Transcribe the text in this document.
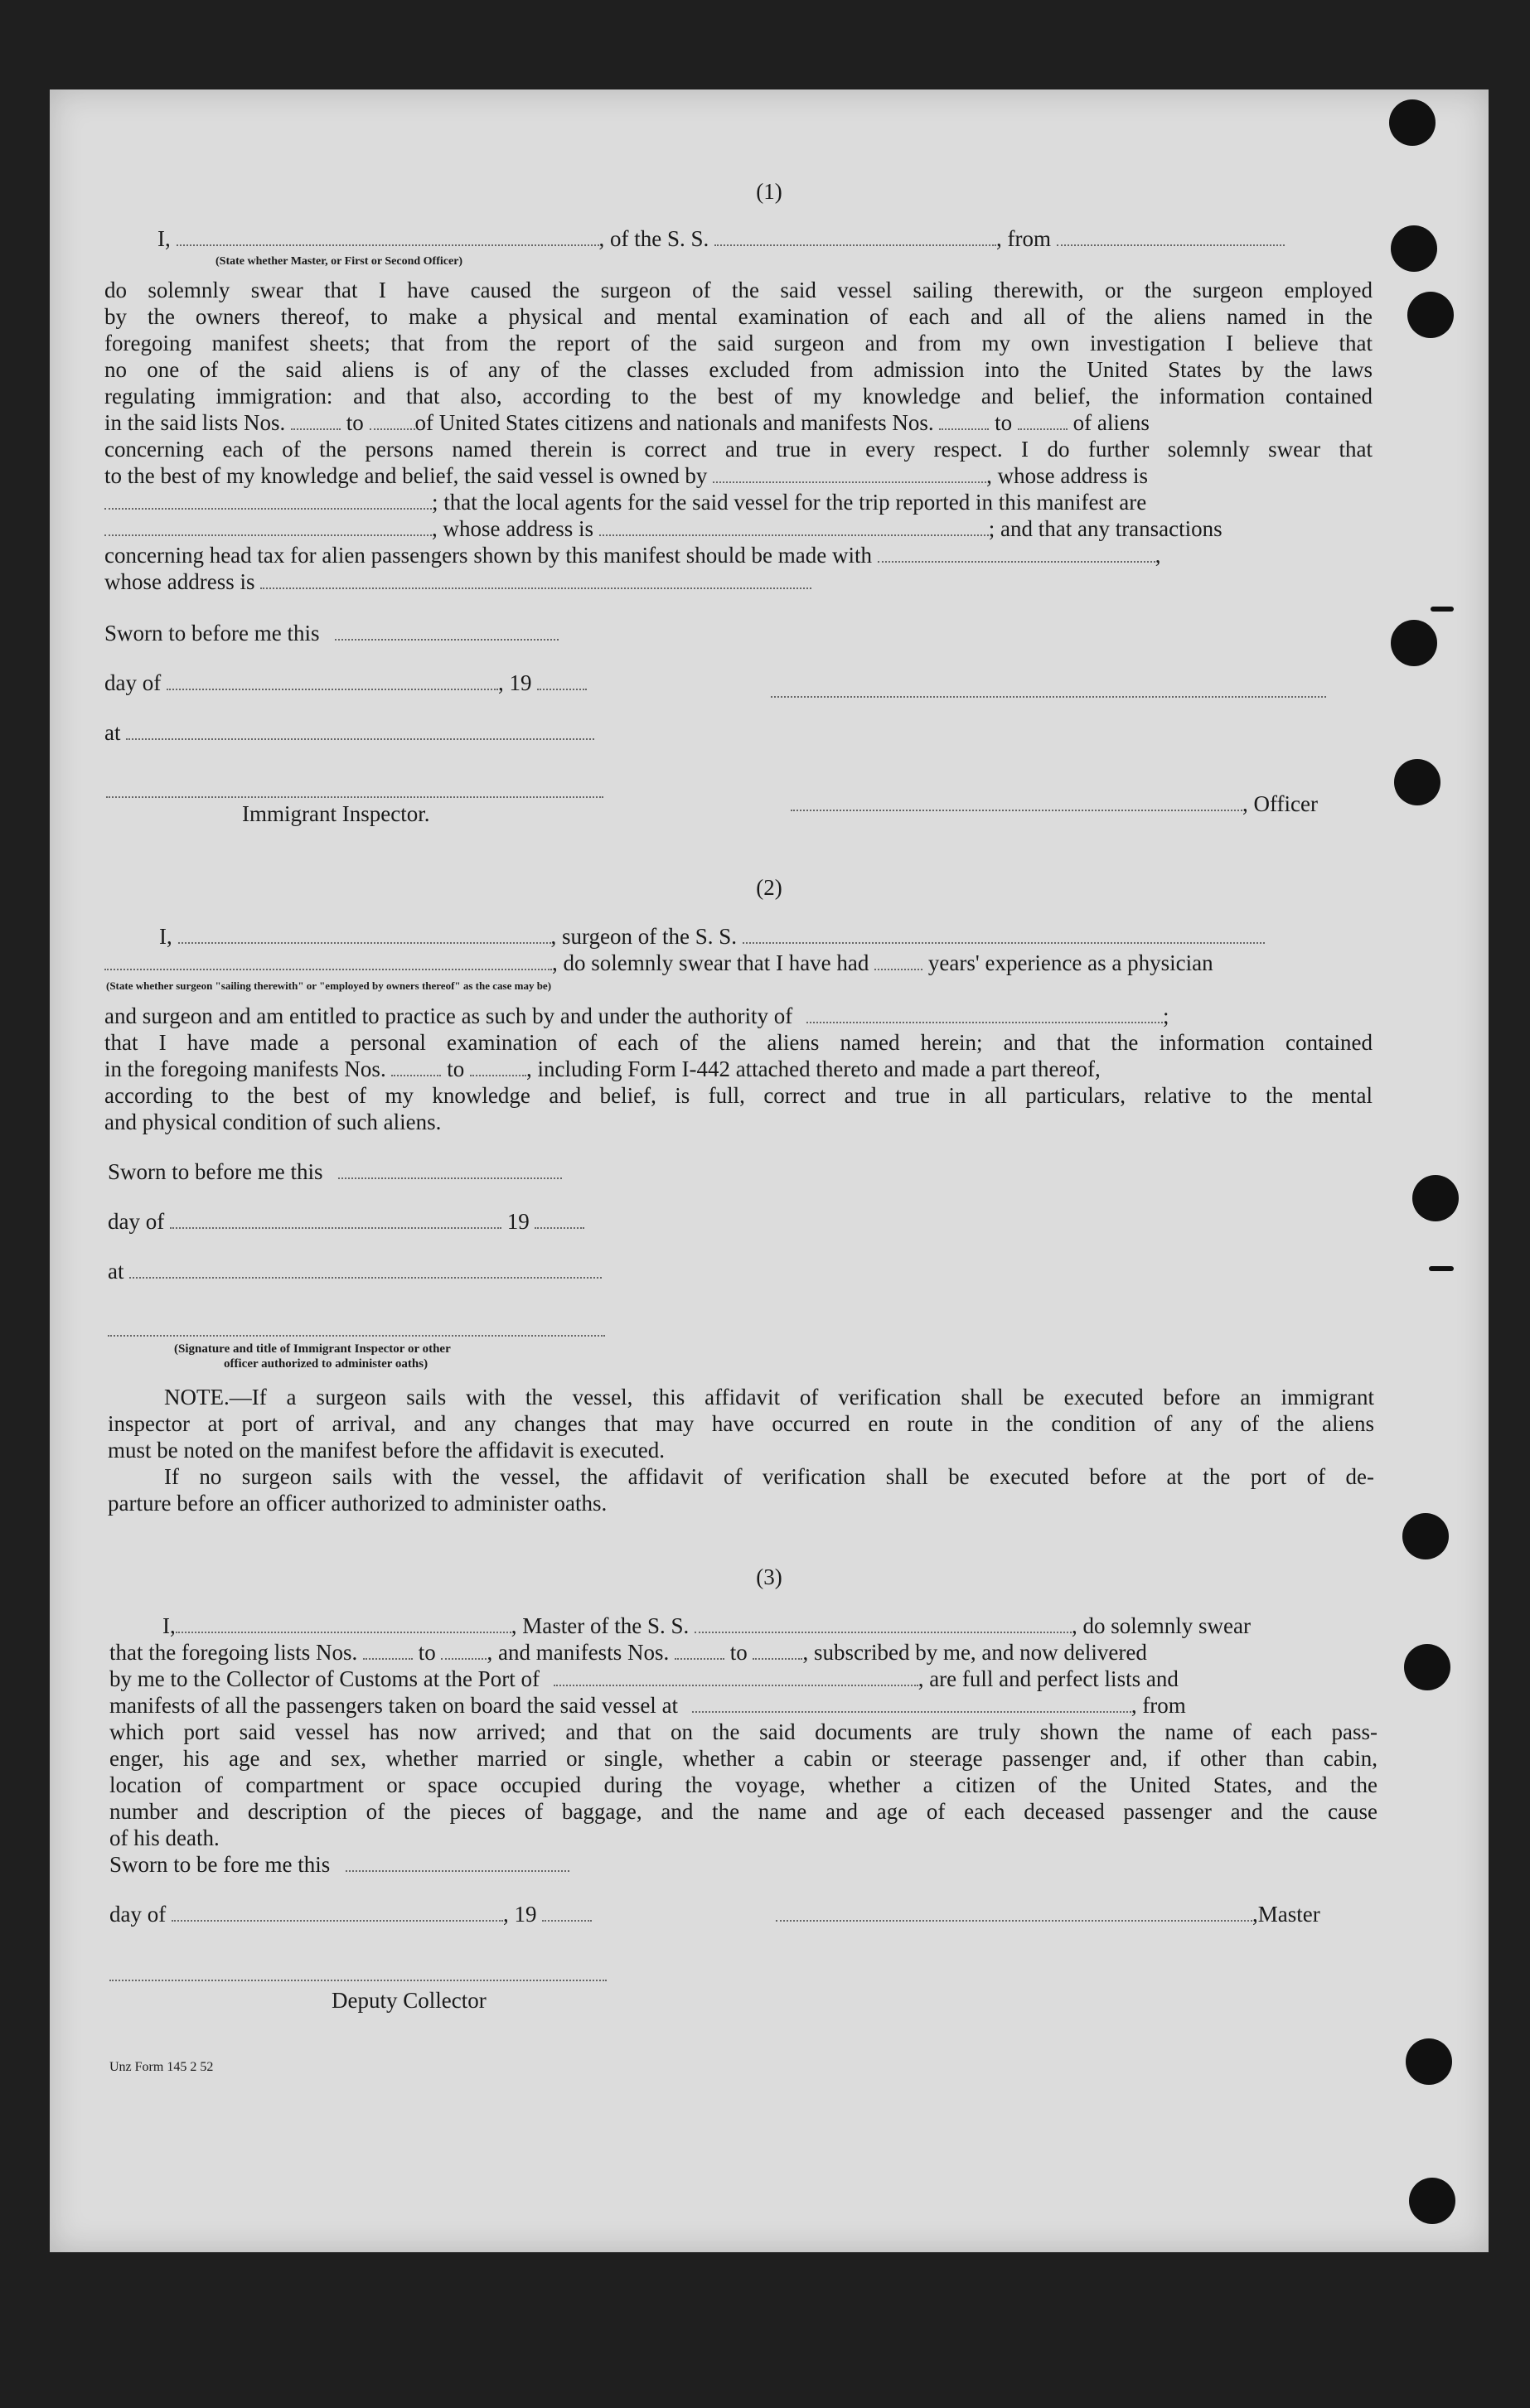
(1)
I,	, of the S. S.	, from
(State whether Master, or First or Second Officer)
do solemnly swear that I have caused the surgeon of the said vessel sailing therewith, or the surgeon employed
by the owners thereof, to make a physical and mental examination of each and all of the aliens named in the
foregoing manifest sheets; that from the report of the said surgeon and from my own investigation I believe that
no one of the said aliens is of any of the classes excluded from admission into the United States by the laws
regulating immigration: and that also, according to the best of my knowledge and belief, the information contained
in the said lists Nos.	to of United States citizens and nationals and manifests Nos.	to	of aliens
concerning each of the persons named therein is correct and true in every respect. I do further solemnly swear that
to the best of my knowledge and belief, the said vessel is owned by	, whose address is
; that the local agents for the said vessel for the trip reported in this manifest are
, whose address is	; and that any transactions
concerning head tax for alien passengers shown by this manifest should be made with	,
whose address is
Sworn to before me this
day of	, 19
at
Immigrant Inspector.	, Officer
(2)
I,	, surgeon of the S. S.
, do solemnly swear that I have had	years' experience as a physician
(State whether surgeon "sailing therewith" or "employed by owners thereof" as the case may be)
and surgeon and am entitled to practice as such by and under the authority of	;
that I have made a personal examination of each of the aliens named herein; and that the information contained
in the foregoing manifests Nos.	to	, including Form I-442 attached thereto and made a part thereof,
according to the best of my knowledge and belief, is full, correct and true in all particulars, relative to the mental
and physical condition of such aliens.
Sworn to before me this
day of	19
at
(Signature and title of Immigrant Inspector or other
officer authorized to administer oaths)
NOTE.—If a surgeon sails with the vessel, this affidavit of verification shall be executed before an immigrant
inspector at port of arrival, and any changes that may have occurred en route in the condition of any of the aliens
must be noted on the manifest before the affidavit is executed.
If no surgeon sails with the vessel, the affidavit of verification shall be executed before at the port of de-
parture before an officer authorized to administer oaths.
(3)
I,	, Master of the S. S.	, do solemnly swear
that the foregoing lists Nos.	to , and manifests Nos.	to , subscribed by me, and now delivered
by me to the Collector of Customs at the Port of	, are full and perfect lists and
manifests of all the passengers taken on board the said vessel at	, from
which port said vessel has now arrived; and that on the said documents are truly shown the name of each pass-
enger, his age and sex, whether married or single, whether a cabin or steerage passenger and, if other than cabin,
location of compartment or space occupied during the voyage, whether a citizen of the United States, and the
number and description of the pieces of baggage, and the name and age of each deceased passenger and the cause
of his death.
Sworn to be fore me this
day of	, 19	,Master
Deputy Collector
Unz Form 145 2 52
